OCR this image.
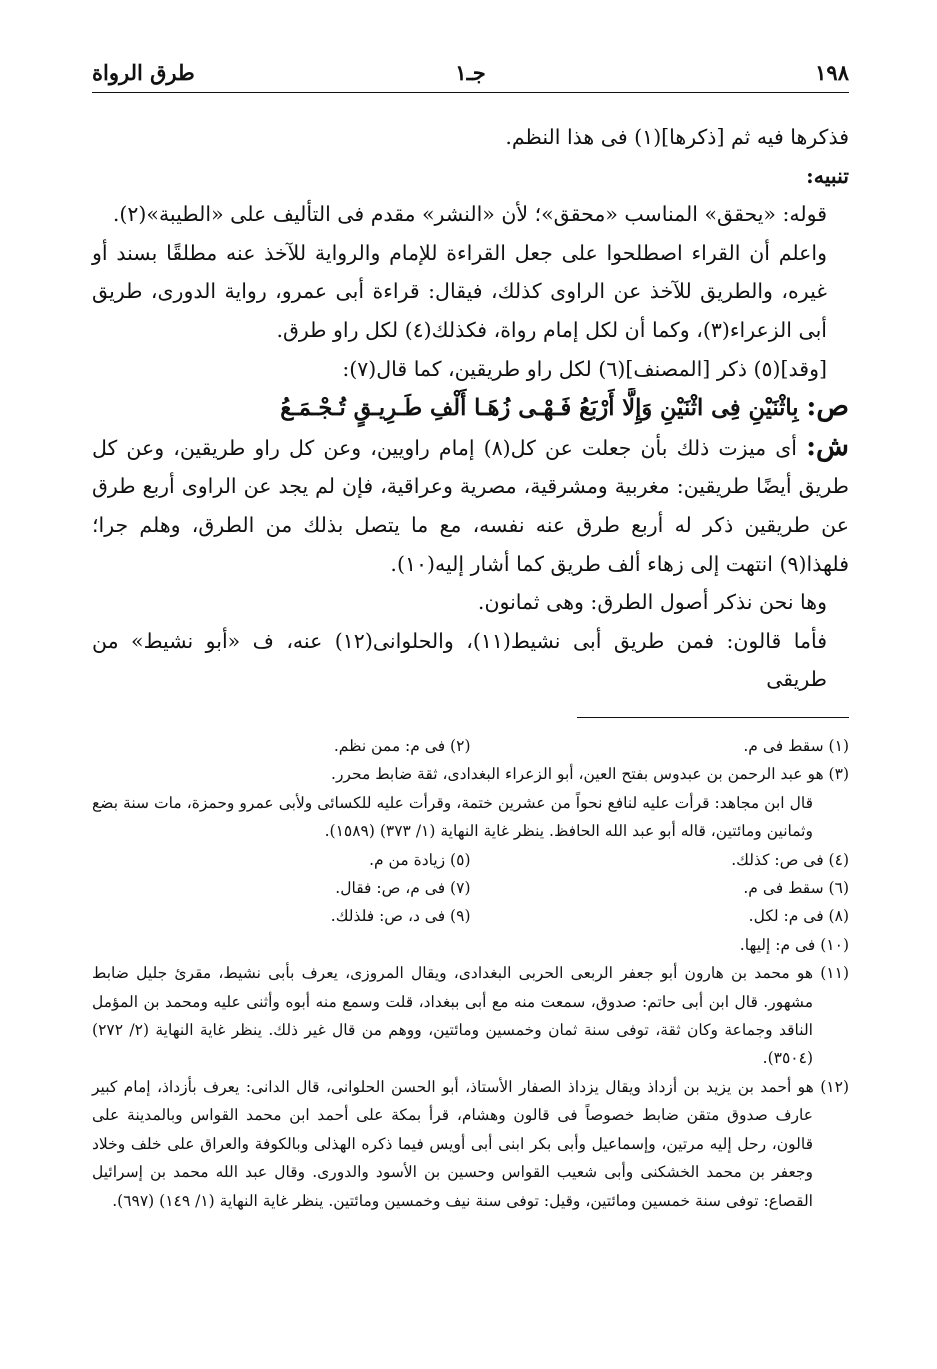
١٩٨
جـ١
طرق الرواة

فذكرها فيه ثم [ذكرها](١) فى هذا النظم.

تنبيه:

قوله: «يحقق» المناسب «محقق»؛ لأن «النشر» مقدم فى التأليف على «الطيبة»(٢).

واعلم أن القراء اصطلحوا على جعل القراءة للإمام والرواية للآخذ عنه مطلقًا بسند أو غيره، والطريق للآخذ عن الراوى كذلك، فيقال: قراءة أبى عمرو، رواية الدورى، طريق أبى الزعراء(٣)، وكما أن لكل إمام رواة، فكذلك(٤) لكل راو طرق.

[وقد](٥) ذكر [المصنف](٦) لكل راو طريقين، كما قال(٧):

ص: بِاثْنَيْنِ فِى اثْنَيْنِ وَإِلَّا أَرْبَعُ فَـهْـى زُهَـا أَلْفِ طَـرِيـقٍ تُـجْـمَـعُ

ش: أى ميزت ذلك بأن جعلت عن كل(٨) إمام راويين، وعن كل راو طريقين، وعن كل طريق أيضًا طريقين: مغربية ومشرقية، مصرية وعراقية، فإن لم يجد عن الراوى أربع طرق عن طريقين ذكر له أربع طرق عنه نفسه، مع ما يتصل بذلك من الطرق، وهلم جرا؛ فلهذا(٩) انتهت إلى زهاء ألف طريق كما أشار إليه(١٠).

وها نحن نذكر أصول الطرق: وهى ثمانون.

فأما قالون: فمن طريق أبى نشيط(١١)، والحلوانى(١٢) عنه، ف «أبو نشيط» من طريقى

(١) سقط فى م.
(٢) فى م: ممن نظم.
(٣) هو عبد الرحمن بن عبدوس بفتح العين، أبو الزعراء البغدادى، ثقة ضابط محرر.
قال ابن مجاهد: قرأت عليه لنافع نحواً من عشرين ختمة، وقرأت عليه للكسائى ولأبى عمرو وحمزة، مات سنة بضع وثمانين ومائتين، قاله أبو عبد الله الحافظ. ينظر غاية النهاية (١/ ٣٧٣) (١٥٨٩).
(٤) فى ص: كذلك.
(٥) زيادة من م.
(٦) سقط فى م.
(٧) فى م، ص: فقال.
(٨) فى م: لكل.
(٩) فى د، ص: فلذلك.
(١٠) فى م: إليها.
(١١) هو محمد بن هارون أبو جعفر الربعى الحربى البغدادى، ويقال المروزى، يعرف بأبى نشيط، مقرئ جليل ضابط مشهور. قال ابن أبى حاتم: صدوق، سمعت منه مع أبى ببغداد، قلت وسمع منه أبوه وأثنى عليه ومحمد بن المؤمل الناقد وجماعة وكان ثقة، توفى سنة ثمان وخمسين ومائتين، ووهم من قال غير ذلك. ينظر غاية النهاية (٢/ ٢٧٢) (٣٥٠٤).
(١٢) هو أحمد بن يزيد بن أزداذ ويقال يزداذ الصفار الأستاذ، أبو الحسن الحلوانى، قال الدانى: يعرف بأزداذ، إمام كبير عارف صدوق متقن ضابط خصوصاً فى قالون وهشام، قرأ بمكة على أحمد ابن محمد القواس وبالمدينة على قالون، رحل إليه مرتين، وإسماعيل وأبى بكر ابنى أبى أويس فيما ذكره الهذلى وبالكوفة والعراق على خلف وخلاد وجعفر بن محمد الخشكنى وأبى شعيب القواس وحسين بن الأسود والدورى. وقال عبد الله محمد بن إسرائيل القصاع: توفى سنة خمسين ومائتين، وقيل: توفى سنة نيف وخمسين ومائتين. ينظر غاية النهاية (١/ ١٤٩) (٦٩٧).
